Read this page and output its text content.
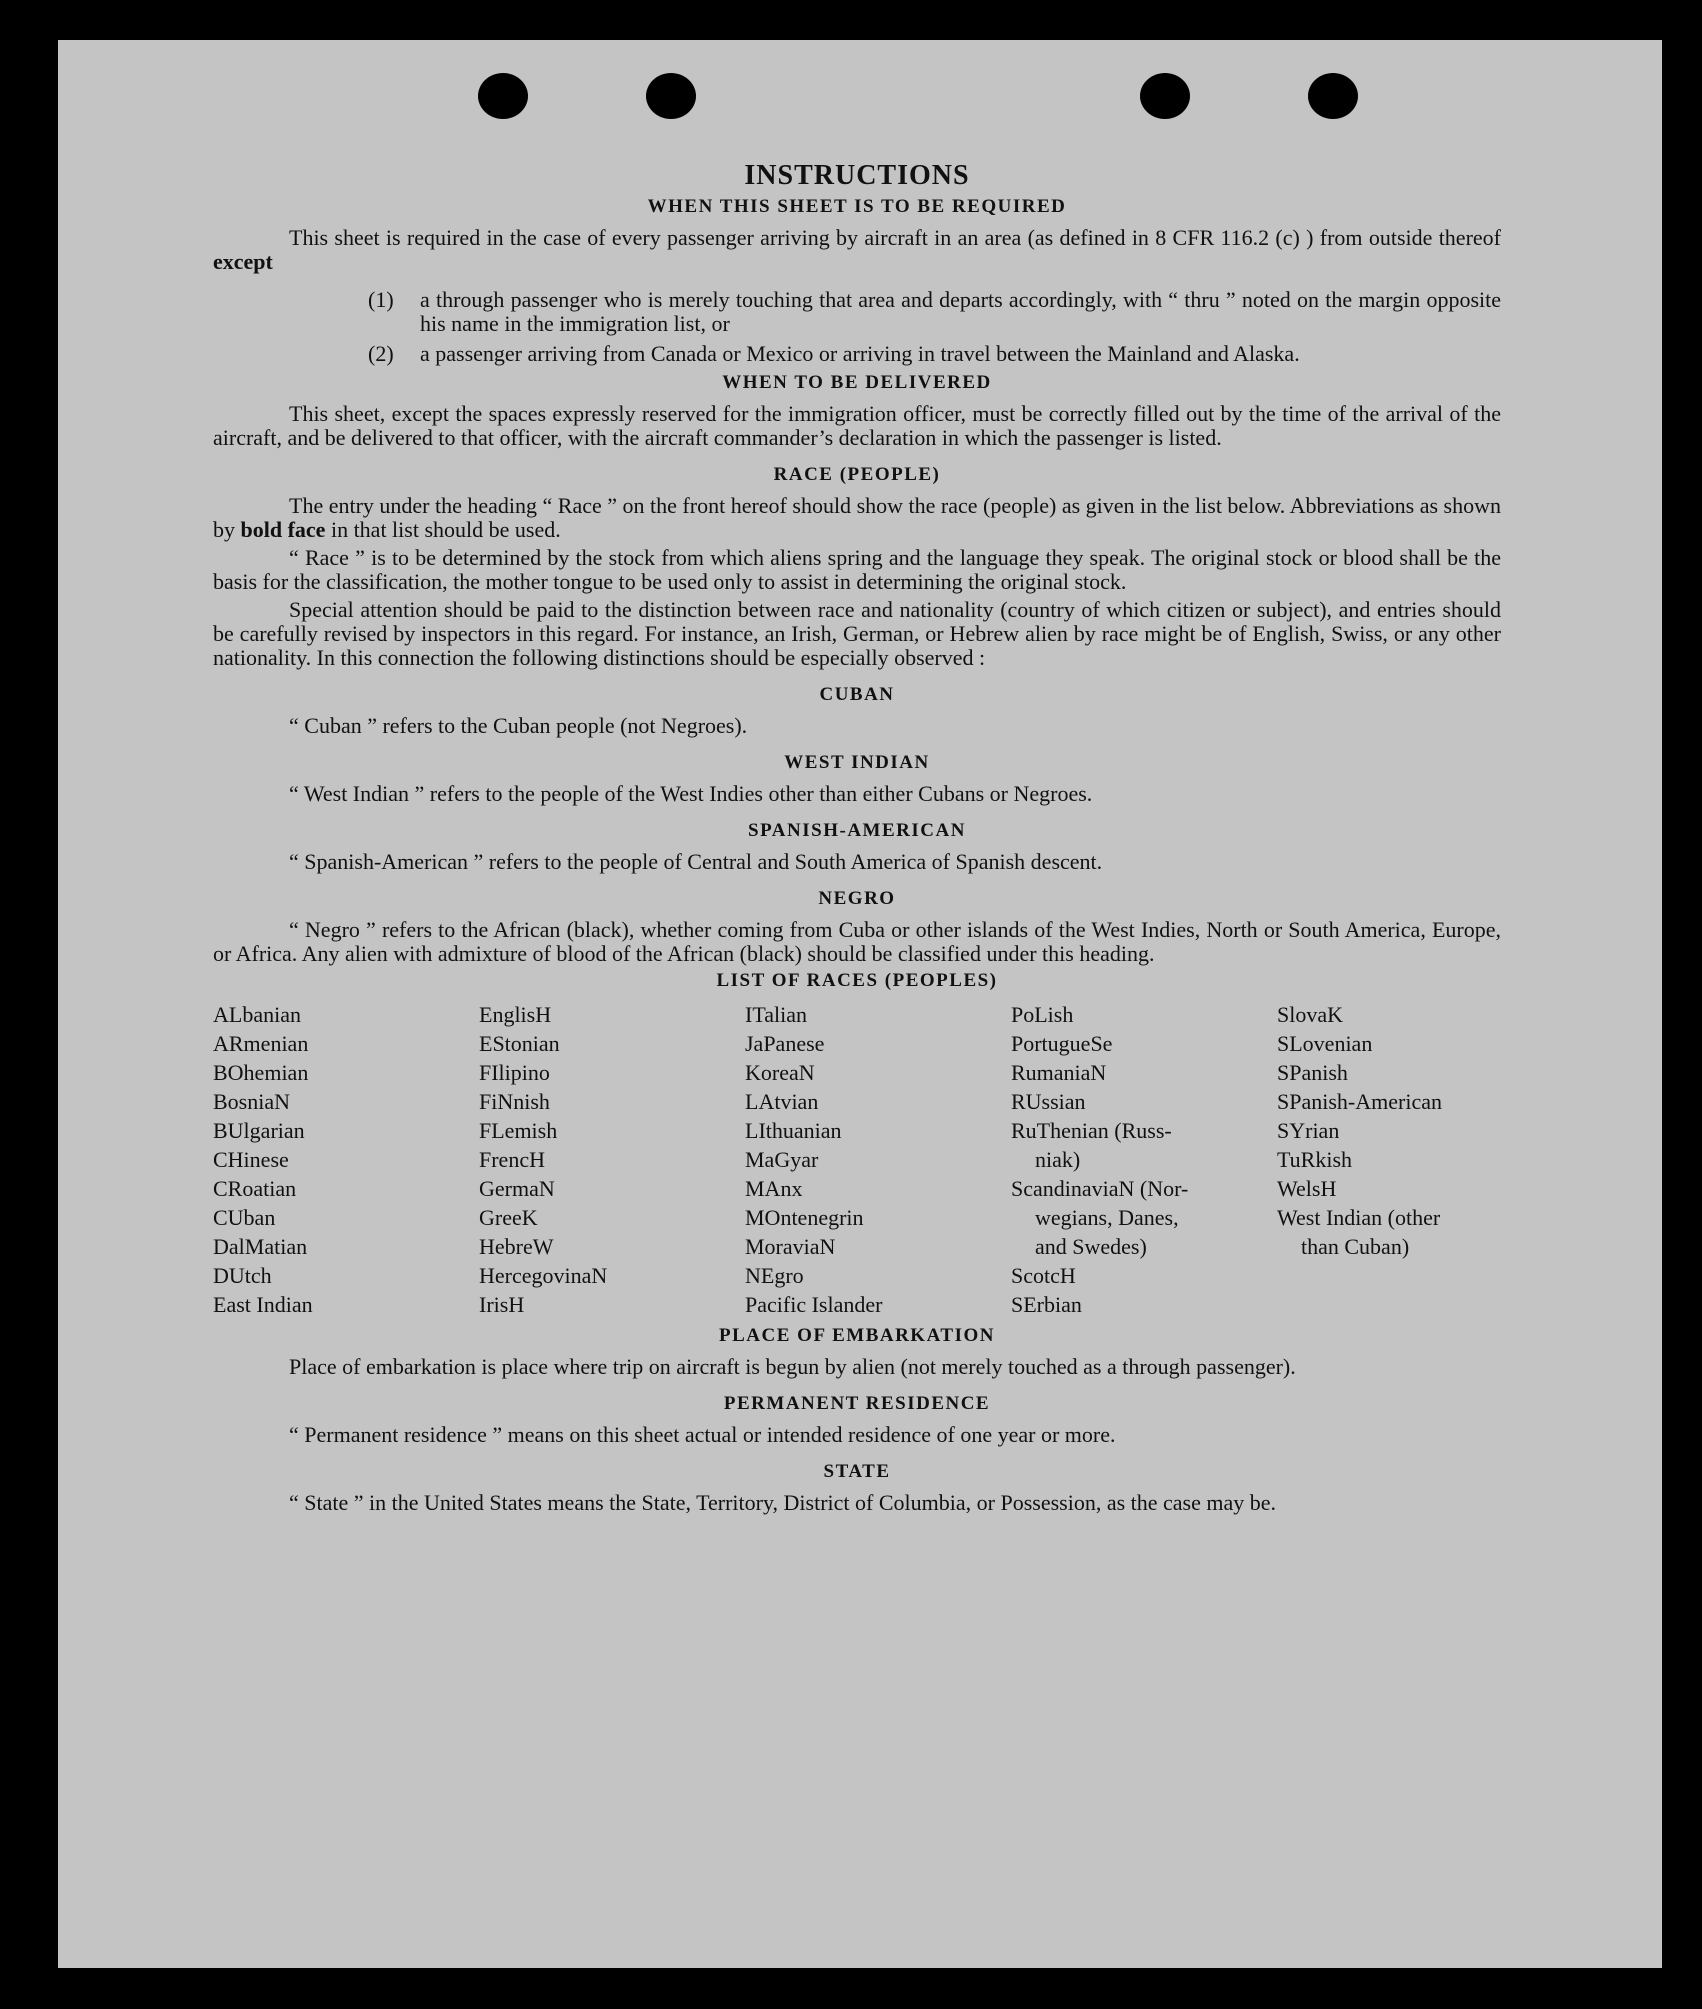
INSTRUCTIONS
WHEN THIS SHEET IS TO BE REQUIRED

This sheet is required in the case of every passenger arriving by aircraft in an area (as defined in 8 CFR 116.2 (c) ) from outside thereof except

(1)	a through passenger who is merely touching that area and departs accordingly, with “ thru ” noted on the margin opposite his name in the immigration list, or
(2)	a passenger arriving from Canada or Mexico or arriving in travel between the Mainland and Alaska.
WHEN TO BE DELIVERED

This sheet, except the spaces expressly reserved for the immigration officer, must be correctly filled out by the time of the arrival of the aircraft, and be delivered to that officer, with the aircraft commander’s declaration in which the passenger is listed.

RACE (PEOPLE)

The entry under the heading “ Race ” on the front hereof should show the race (people) as given in the list below. Abbreviations as shown by bold face in that list should be used.

“ Race ” is to be determined by the stock from which aliens spring and the language they speak. The original stock or blood shall be the basis for the classification, the mother tongue to be used only to assist in determining the original stock.

Special attention should be paid to the distinction between race and nationality (country of which citizen or subject), and entries should be carefully revised by inspectors in this regard. For instance, an Irish, German, or Hebrew alien by race might be of English, Swiss, or any other nationality. In this connection the following distinctions should be especially observed :

CUBAN

“ Cuban ” refers to the Cuban people (not Negroes).

WEST INDIAN

“ West Indian ” refers to the people of the West Indies other than either Cubans or Negroes.

SPANISH-AMERICAN

“ Spanish-American ” refers to the people of Central and South America of Spanish descent.

NEGRO

“ Negro ” refers to the African (black), whether coming from Cuba or other islands of the West Indies, North or South America, Europe, or Africa. Any alien with admixture of blood of the African (black) should be classified under this heading.

LIST OF RACES (PEOPLES)
ALbanian
ARmenian
BOhemian
BosniaN
BUlgarian
CHinese
CRoatian
CUban
DalMatian
DUtch
East Indian
EnglisH
EStonian
FIlipino
FiNnish
FLemish
FrencH
GermaN
GreeK
HebreW
HercegovinaN
IrisH
ITalian
JaPanese
KoreaN
LAtvian
LIthuanian
MaGyar
MAnx
MOntenegrin
MoraviaN
NEgro
Pacific Islander
PoLish
PortugueSe
RumaniaN
RUssian
RuThenian (Russ-
niak)
ScandinaviaN (Nor-
wegians, Danes,
and Swedes)
ScotcH
SErbian
SlovaK
SLovenian
SPanish
SPanish-American
SYrian
TuRkish
WelsH
West Indian (other
than Cuban)
PLACE OF EMBARKATION

Place of embarkation is place where trip on aircraft is begun by alien (not merely touched as a through passenger).

PERMANENT RESIDENCE

“ Permanent residence ” means on this sheet actual or intended residence of one year or more.

STATE

“ State ” in the United States means the State, Territory, District of Columbia, or Possession, as the case may be.
